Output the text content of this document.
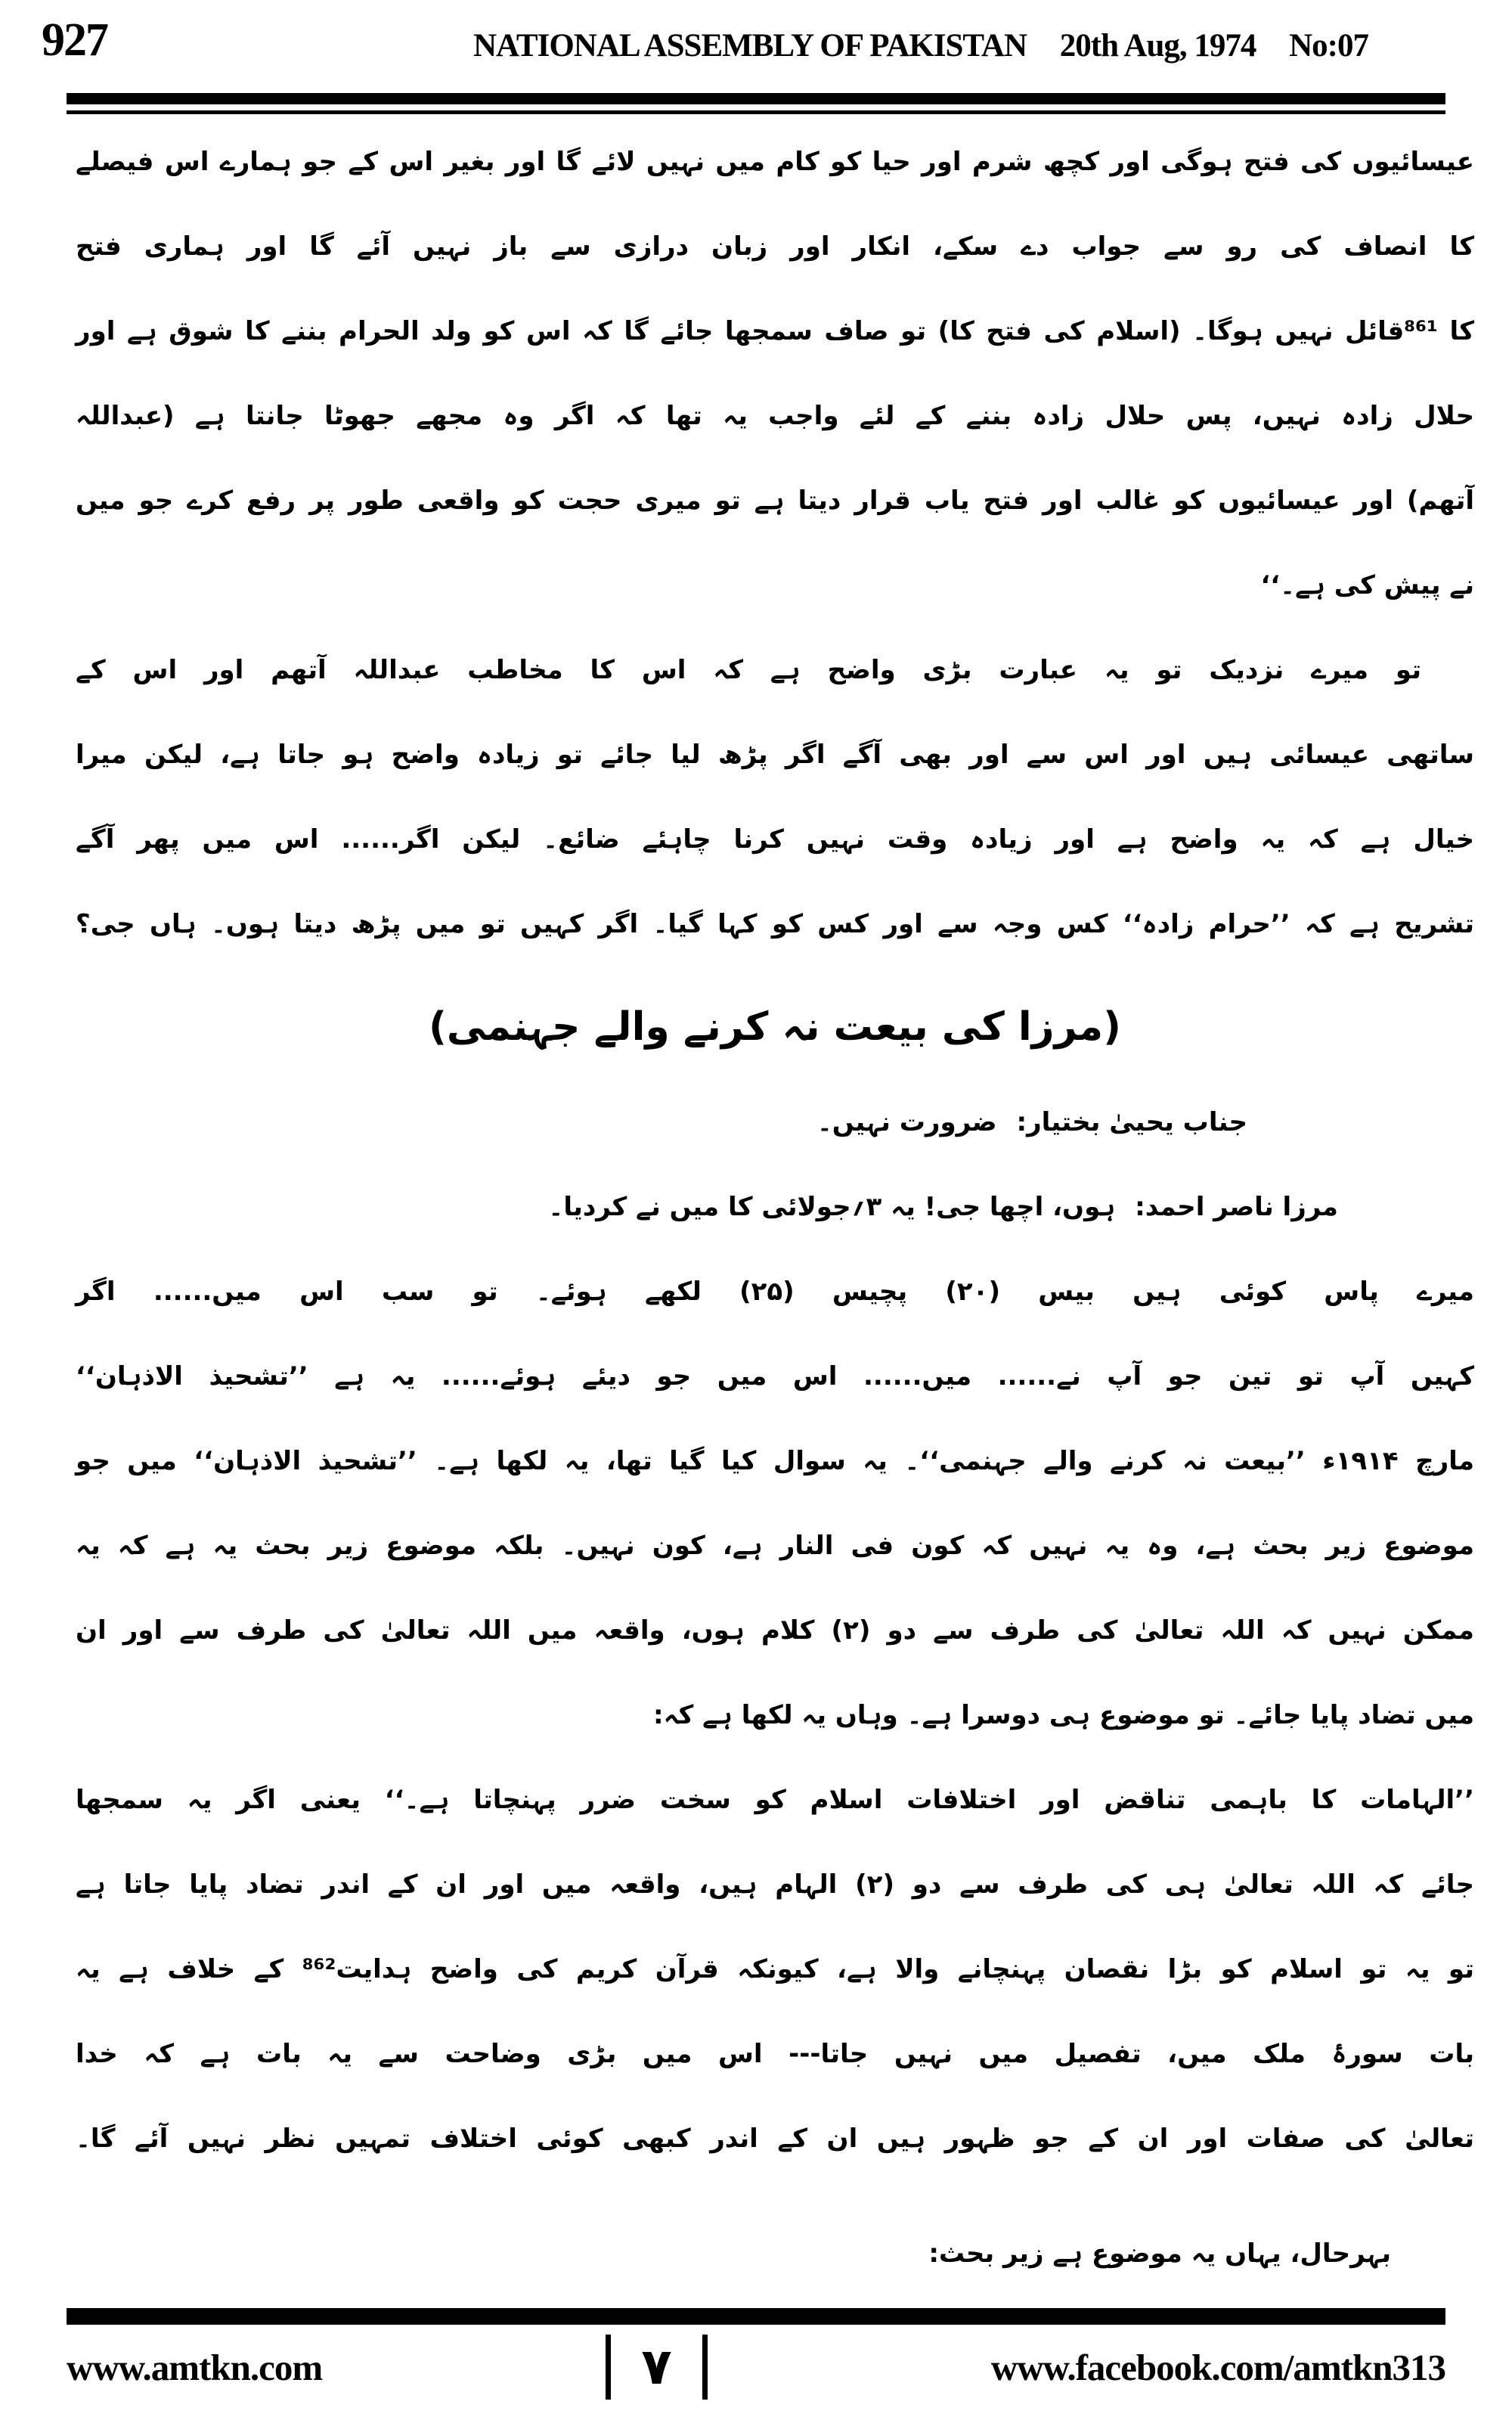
927	NATIONAL ASSEMBLY OF PAKISTAN 20th Aug, 1974 No:07
عیسائیوں کی فتح ہوگی اور کچھ شرم اور حیا کو کام میں نہیں لائے گا اور بغیر اس کے جو ہمارے اس فیصلے
کا انصاف کی رو سے جواب دے سکے، انکار اور زبان درازی سے باز نہیں آئے گا اور ہماری فتح
کا ⁸⁶¹قائل نہیں ہوگا۔ (اسلام کی فتح کا) تو صاف سمجھا جائے گا کہ اس کو ولد الحرام بننے کا شوق ہے اور
حلال زادہ نہیں، پس حلال زادہ بننے کے لئے واجب یہ تھا کہ اگر وہ مجھے جھوٹا جانتا ہے (عبداللہ
آتھم) اور عیسائیوں کو غالب اور فتح یاب قرار دیتا ہے تو میری حجت کو واقعی طور پر رفع کرے جو میں
نے پیش کی ہے۔‘‘
تو میرے نزدیک تو یہ عبارت بڑی واضح ہے کہ اس کا مخاطب عبداللہ آتھم اور اس کے
ساتھی عیسائی ہیں اور اس سے اور بھی آگے اگر پڑھ لیا جائے تو زیادہ واضح ہو جاتا ہے، لیکن میرا
خیال ہے کہ یہ واضح ہے اور زیادہ وقت نہیں کرنا چاہئے ضائع۔ لیکن اگر...... اس میں پھر آگے
تشریح ہے کہ ’’حرام زادہ‘‘ کس وجہ سے اور کس کو کہا گیا۔ اگر کہیں تو میں پڑھ دیتا ہوں۔ ہاں جی؟
(مرزا کی بیعت نہ کرنے والے جہنمی)
جناب یحییٰ بختیار: ضرورت نہیں۔
مرزا ناصر احمد: ہوں، اچھا جی! یہ ۳؍جولائی کا میں نے کردیا۔
میرے پاس کوئی ہیں بیس (۲۰) پچیس (۲۵) لکھے ہوئے۔ تو سب اس میں...... اگر
کہیں آپ تو تین جو آپ نے...... میں...... اس میں جو دیئے ہوئے...... یہ ہے ’’تشحیذ الاذہان‘‘
مارچ ۱۹۱۴ء ’’بیعت نہ کرنے والے جہنمی‘‘۔ یہ سوال کیا گیا تھا، یہ لکھا ہے۔ ’’تشحیذ الاذہان‘‘ میں جو
موضوع زیر بحث ہے، وہ یہ نہیں کہ کون فی النار ہے، کون نہیں۔ بلکہ موضوع زیر بحث یہ ہے کہ یہ
ممکن نہیں کہ اللہ تعالیٰ کی طرف سے دو (۲) کلام ہوں، واقعہ میں اللہ تعالیٰ کی طرف سے اور ان
میں تضاد پایا جائے۔ تو موضوع ہی دوسرا ہے۔ وہاں یہ لکھا ہے کہ:
’’الہامات کا باہمی تناقض اور اختلافات اسلام کو سخت ضرر پہنچاتا ہے۔‘‘ یعنی اگر یہ سمجھا
جائے کہ اللہ تعالیٰ ہی کی طرف سے دو (۲) الہام ہیں، واقعہ میں اور ان کے اندر تضاد پایا جاتا ہے
تو یہ تو اسلام کو بڑا نقصان پہنچانے والا ہے، کیونکہ قرآن کریم کی واضح ہدایت⁸⁶² کے خلاف ہے یہ
بات سورۂ ملک میں، تفصیل میں نہیں جاتا--- اس میں بڑی وضاحت سے یہ بات ہے کہ خدا
تعالیٰ کی صفات اور ان کے جو ظہور ہیں ان کے اندر کبھی کوئی اختلاف تمہیں نظر نہیں آئے گا۔
بہرحال، یہاں یہ موضوع ہے زیر بحث:
www.amtkn.com	۷	www.facebook.com/amtkn313
